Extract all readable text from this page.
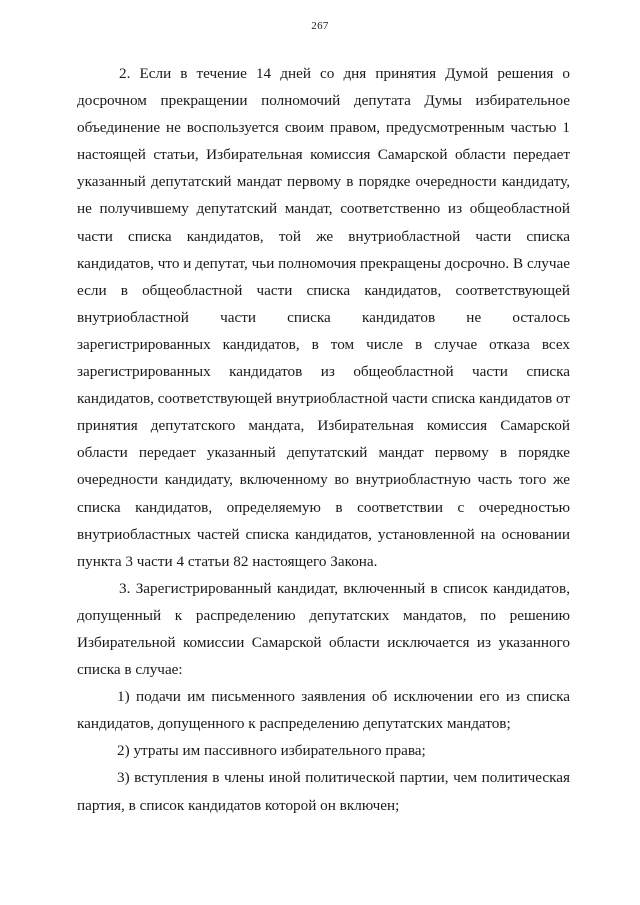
267

2. Если в течение 14 дней со дня принятия Думой решения о досрочном прекращении полномочий депутата Думы избирательное объединение не воспользуется своим правом, предусмотренным частью 1 настоящей статьи, Избирательная комиссия Самарской области передает указанный депутатский мандат первому в порядке очередности кандидату, не получившему депутатский мандат, соответственно из общеобластной части списка кандидатов, той же внутриобластной части списка кандидатов, что и депутат, чьи полномочия прекращены досрочно. В случае если в общеобластной части списка кандидатов, соответствующей внутриобластной части списка кандидатов не осталось зарегистрированных кандидатов, в том числе в случае отказа всех зарегистрированных кандидатов из общеобластной части списка кандидатов, соответствующей внутриобластной части списка кандидатов от принятия депутатского мандата, Избирательная комиссия Самарской области передает указанный депутатский мандат первому в порядке очередности кандидату, включенному во внутриобластную часть того же списка кандидатов, определяемую в соответствии с очередностью внутриобластных частей списка кандидатов, установленной на основании пункта 3 части 4 статьи 82 настоящего Закона.

3. Зарегистрированный кандидат, включенный в список кандидатов, допущенный к распределению депутатских мандатов, по решению Избирательной комиссии Самарской области исключается из указанного списка в случае:

1) подачи им письменного заявления об исключении его из списка кандидатов, допущенного к распределению депутатских мандатов;

2) утраты им пассивного избирательного права;

3) вступления в члены иной политической партии, чем политическая партия, в список кандидатов которой он включен;
